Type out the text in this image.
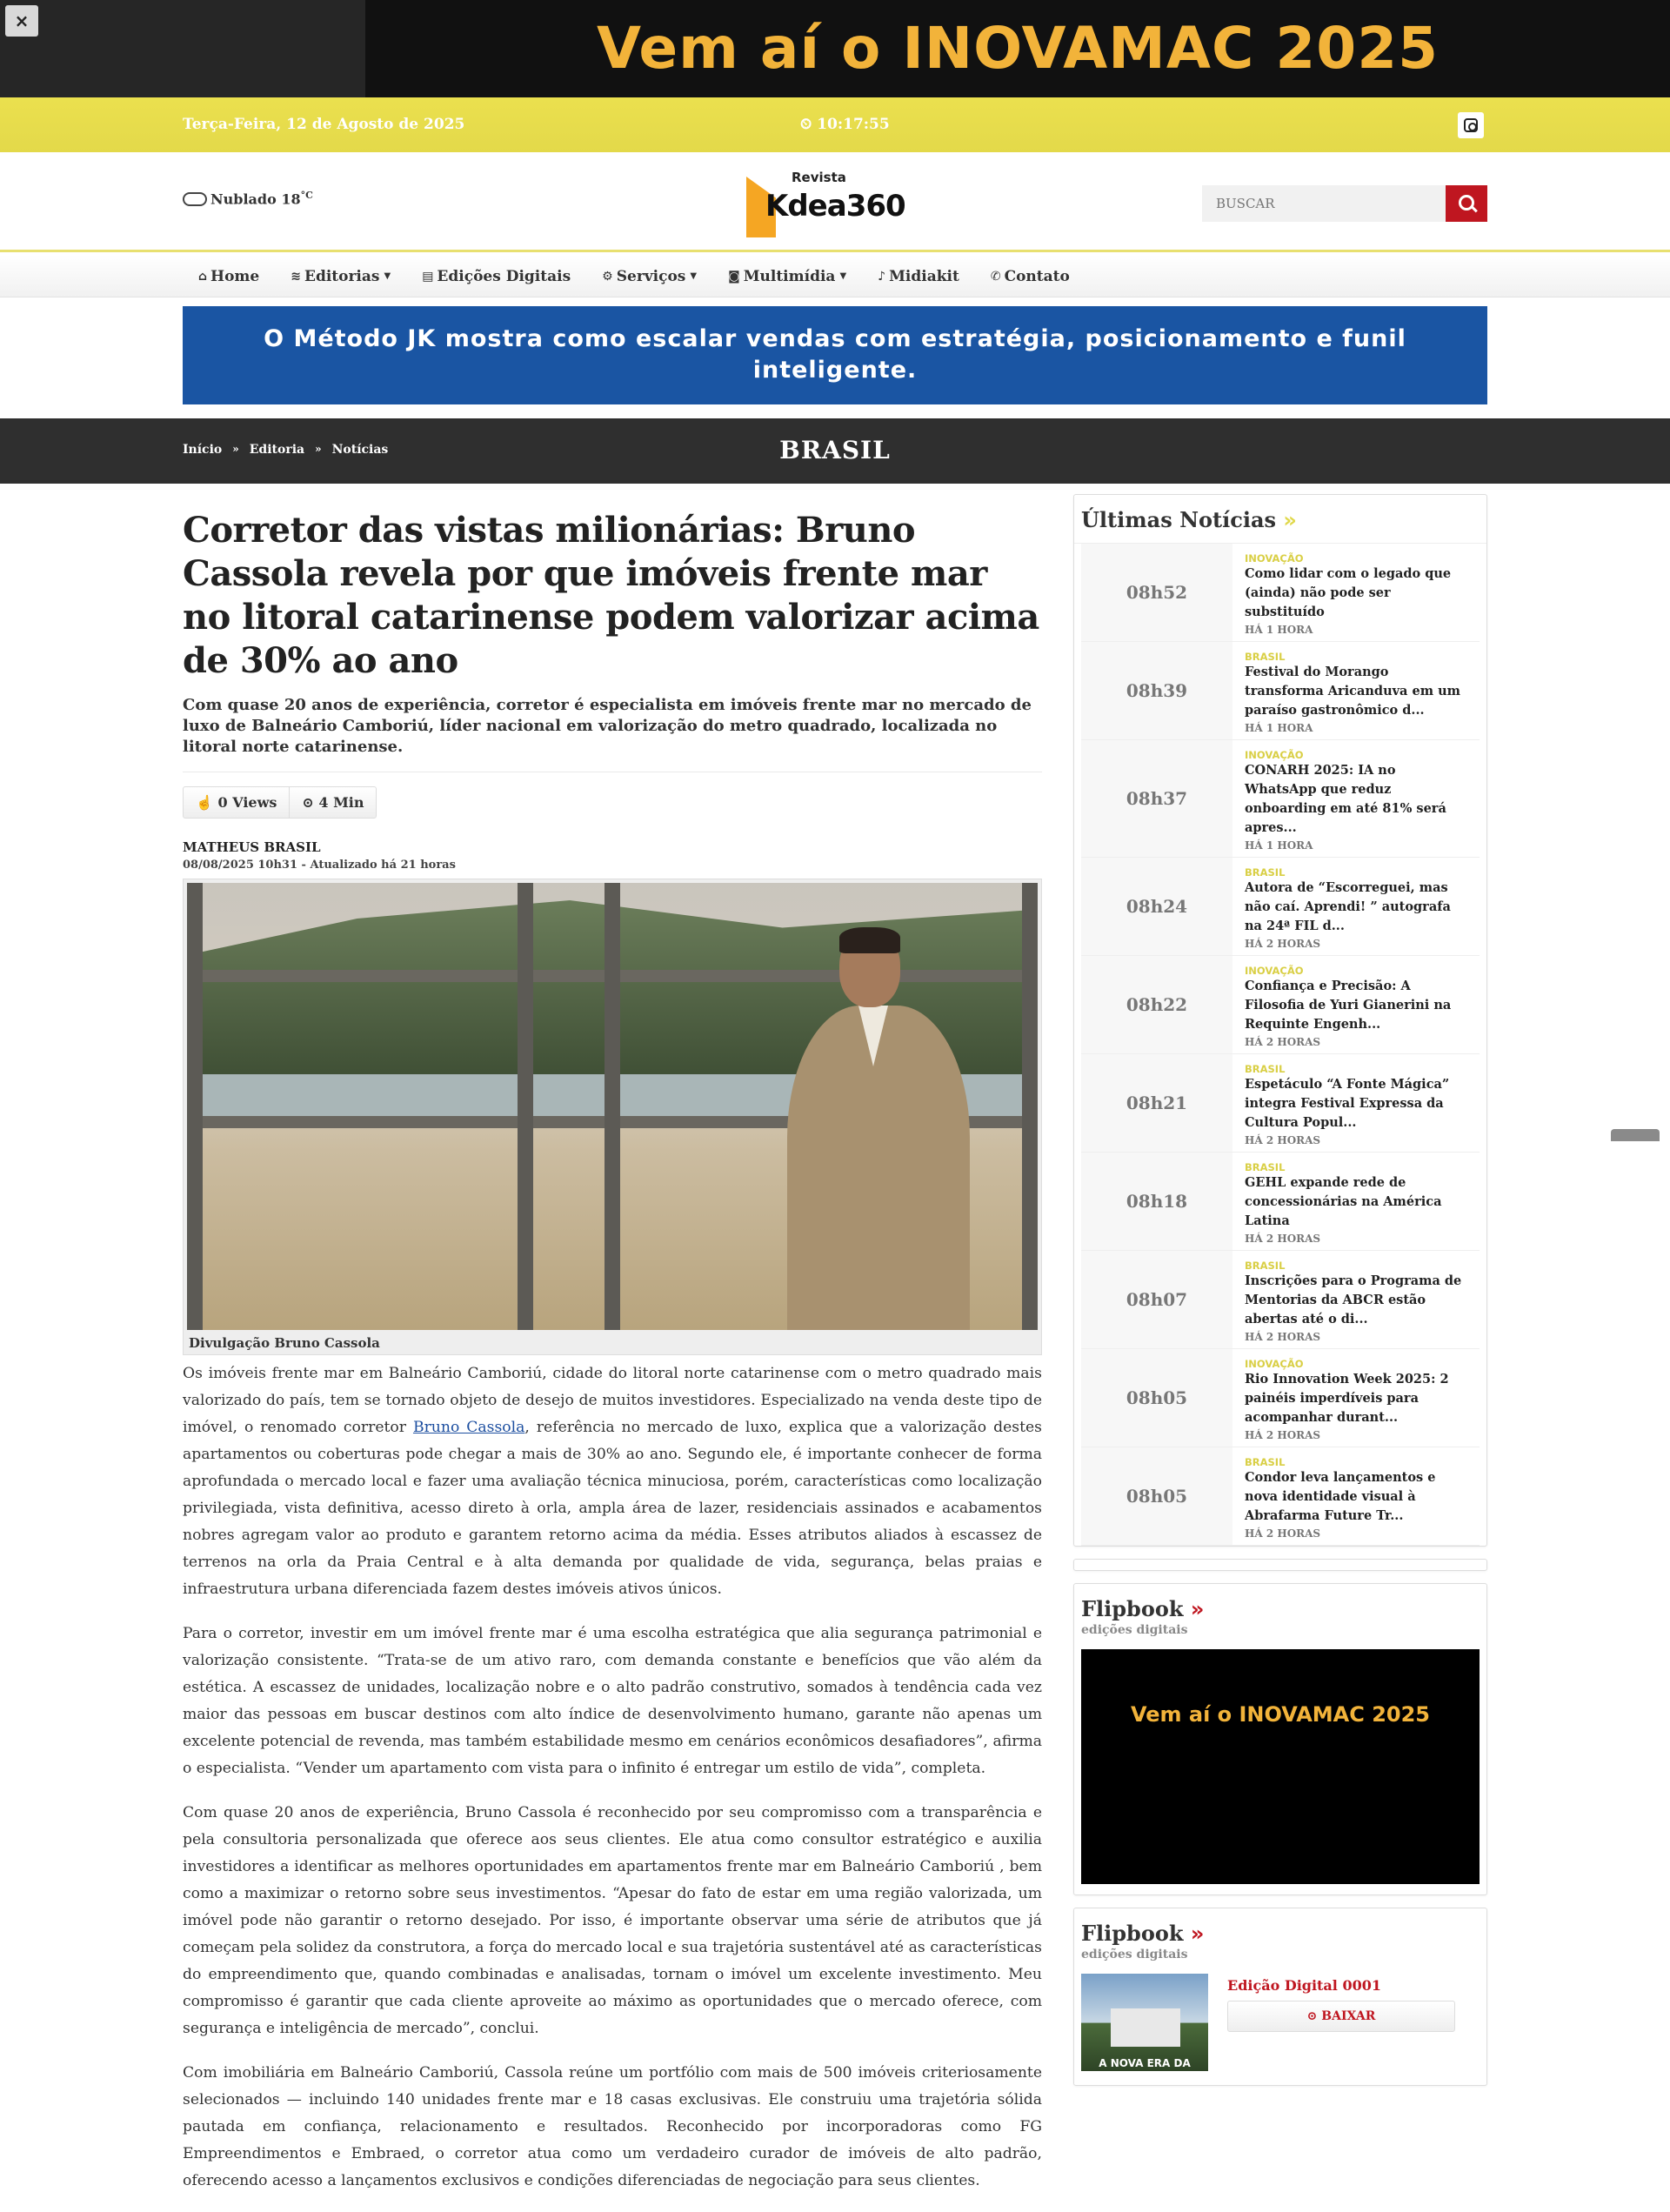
×	Vem aí o INOVAMAC 2025
Terça-Feira, 12 de Agosto de 2025	⏲ 10:17:55
Nublado $18^{^\circ C}$
Revista
Kdea360
BUSCAR
⌂ Home	≋ Editorias ▼	▤ Edições Digitais	⚙ Serviços ▼	◙ Multimídia ▼	♪ Midiakit	✆ Contato
O Método JK mostra como escalar vendas com estratégia, posicionamento e funil inteligente.
Início » Editoria » Notícias	BRASIL
Corretor das vistas milionárias: Bruno Cassola revela por que imóveis frente mar no litoral catarinense podem valorizar acima de 30% ao ano
Com quase 20 anos de experiência, corretor é especialista em imóveis frente mar no mercado de luxo de Balneário Camboriú, líder nacional em valorização do metro quadrado, localizada no litoral norte catarinense.
☝ 0 Views	⊙ 4 Min
MATHEUS BRASIL
08/08/2025 10h31 - Atualizado há 21 horas
Divulgação Bruno Cassola

Os imóveis frente mar em Balneário Camboriú, cidade do litoral norte catarinense com o metro quadrado mais valorizado do país, tem se tornado objeto de desejo de muitos investidores. Especializado na venda deste tipo de imóvel, o renomado corretor Bruno Cassola, referência no mercado de luxo, explica que a valorização destes apartamentos ou coberturas pode chegar a mais de 30% ao ano. Segundo ele, é importante conhecer de forma aprofundada o mercado local e fazer uma avaliação técnica minuciosa, porém, características como localização privilegiada, vista definitiva, acesso direto à orla, ampla área de lazer, residenciais assinados e acabamentos nobres agregam valor ao produto e garantem retorno acima da média. Esses atributos aliados à escassez de terrenos na orla da Praia Central e à alta demanda por qualidade de vida, segurança, belas praias e infraestrutura urbana diferenciada fazem destes imóveis ativos únicos.

Para o corretor, investir em um imóvel frente mar é uma escolha estratégica que alia segurança patrimonial e valorização consistente. “Trata-se de um ativo raro, com demanda constante e benefícios que vão além da estética. A escassez de unidades, localização nobre e o alto padrão construtivo, somados à tendência cada vez maior das pessoas em buscar destinos com alto índice de desenvolvimento humano, garante não apenas um excelente potencial de revenda, mas também estabilidade mesmo em cenários econômicos desafiadores”, afirma o especialista. “Vender um apartamento com vista para o infinito é entregar um estilo de vida”, completa.

Com quase 20 anos de experiência, Bruno Cassola é reconhecido por seu compromisso com a transparência e pela consultoria personalizada que oferece aos seus clientes. Ele atua como consultor estratégico e auxilia investidores a identificar as melhores oportunidades em apartamentos frente mar em Balneário Camboriú , bem como a maximizar o retorno sobre seus investimentos. “Apesar do fato de estar em uma região valorizada, um imóvel pode não garantir o retorno desejado. Por isso, é importante observar uma série de atributos que já começam pela solidez da construtora, a força do mercado local e sua trajetória sustentável até as características do empreendimento que, quando combinadas e analisadas, tornam o imóvel um excelente investimento. Meu compromisso é garantir que cada cliente aproveite ao máximo as oportunidades que o mercado oferece, com segurança e inteligência de mercado”, conclui.

Com imobiliária em Balneário Camboriú, Cassola reúne um portfólio com mais de 500 imóveis criteriosamente selecionados — incluindo 140 unidades frente mar e 18 casas exclusivas. Ele construiu uma trajetória sólida pautada em confiança, relacionamento e resultados. Reconhecido por incorporadoras como FG Empreendimentos e Embraed, o corretor atua como um verdadeiro curador de imóveis de alto padrão, oferecendo acesso a lançamentos exclusivos e condições diferenciadas de negociação para seus clientes.

Últimas Notícias »
08h52
INOVAÇÃO
Como lidar com o legado que (ainda) não pode ser substituído
HÁ 1 HORA
08h39
BRASIL
Festival do Morango transforma Aricanduva em um paraíso gastronômico d...
HÁ 1 HORA
08h37
INOVAÇÃO
CONARH 2025: IA no WhatsApp que reduz onboarding em até 81% será apres...
HÁ 1 HORA
08h24
BRASIL
Autora de “Escorreguei, mas não caí. Aprendi! ” autografa na 24ª FIL d...
HÁ 2 HORAS
08h22
INOVAÇÃO
Confiança e Precisão: A Filosofia de Yuri Gianerini na Requinte Engenh...
HÁ 2 HORAS
08h21
BRASIL
Espetáculo “A Fonte Mágica” integra Festival Expressa da Cultura Popul...
HÁ 2 HORAS
08h18
BRASIL
GEHL expande rede de concessionárias na América Latina
HÁ 2 HORAS
08h07
BRASIL
Inscrições para o Programa de Mentorias da ABCR estão abertas até o di...
HÁ 2 HORAS
08h05
INOVAÇÃO
Rio Innovation Week 2025: 2 painéis imperdíveis para acompanhar durant...
HÁ 2 HORAS
08h05
BRASIL
Condor leva lançamentos e nova identidade visual à Abrafarma Future Tr...
HÁ 2 HORAS
Flipbook »
edições digitais
Vem aí o INOVAMAC 2025
Flipbook »
edições digitais
A NOVA ERA DA
Edição Digital 0001
⊙ BAIXAR
